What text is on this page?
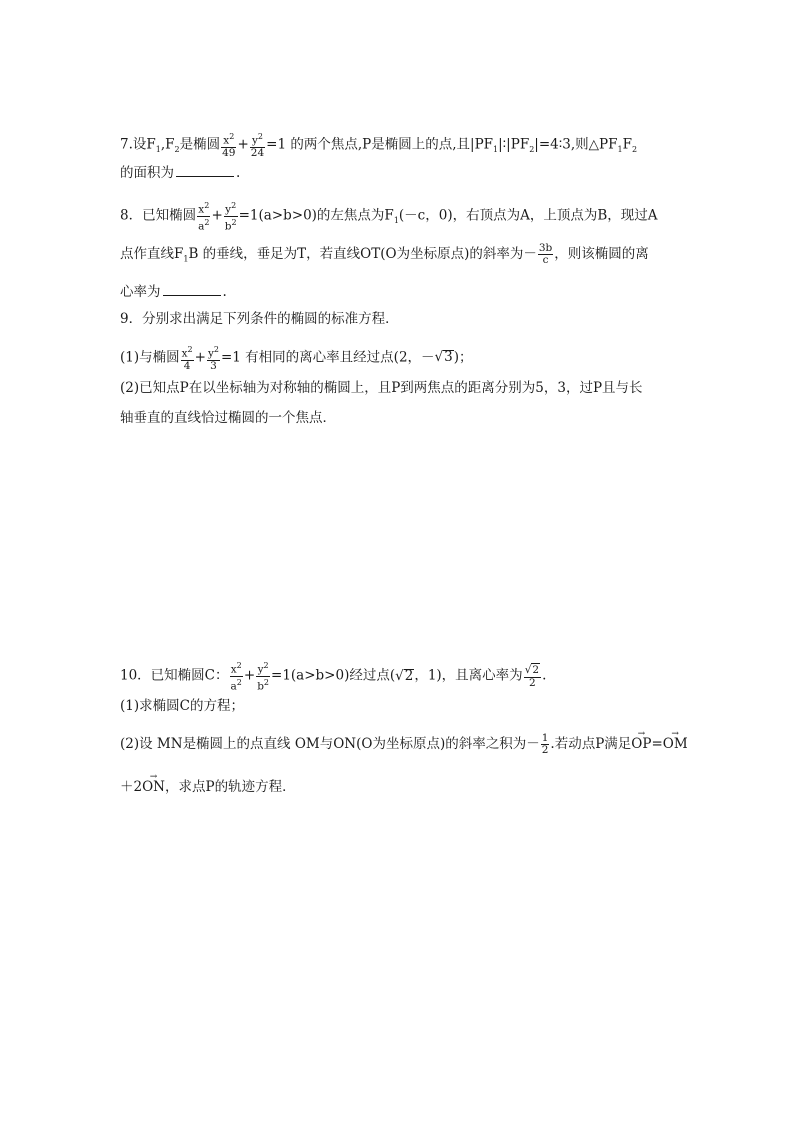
7.设$F_1,F_2$是椭圆 $\frac{x^2}{49} + \frac{y^2}{24} =1$ 的两个焦点,P是椭圆上的点,且$|PF_1|∶|PF_2|=4∶3$,则$\triangle PF_1F_2$
的面积为	.
8．已知椭圆 $\frac{x^2}{a^2} + \frac{y^2}{b^2} =1(a>b>0)$的左焦点为$F_1(-c$，0)，右顶点为A，上顶点为B，现过A
点作直线$F_1B$ 的垂线，垂足为T，若直线OT(O为坐标原点)的斜率为－ $\frac{3b}{c}$ ，则该椭圆的离
心率为	.
9．分别求出满足下列条件的椭圆的标准方程．
(1)与椭圆 $\frac{x^2}{4} + \frac{y^2}{3} =1$ 有相同的离心率且经过点(2，－√3)；
(2)已知点P在以坐标轴为对称轴的椭圆上，且P到两焦点的距离分别为5，3，过P且与长
轴垂直的直线恰过椭圆的一个焦点．
10．已知椭圆C： $\frac{x^2}{a^2} + \frac{y^2}{b^2} =1(a>b>0)$经过点(√2，1)，且离心率为 $\frac{√2}{2}$ .
(1)求椭圆C的方程；
(2)设 MN是椭圆上的点直线 OM与ON(O为坐标原点)的斜率之积为－ $\frac{1}{2}$ .若动点P满足→ OP=→ OM
＋2→ ON，求点P的轨迹方程．
